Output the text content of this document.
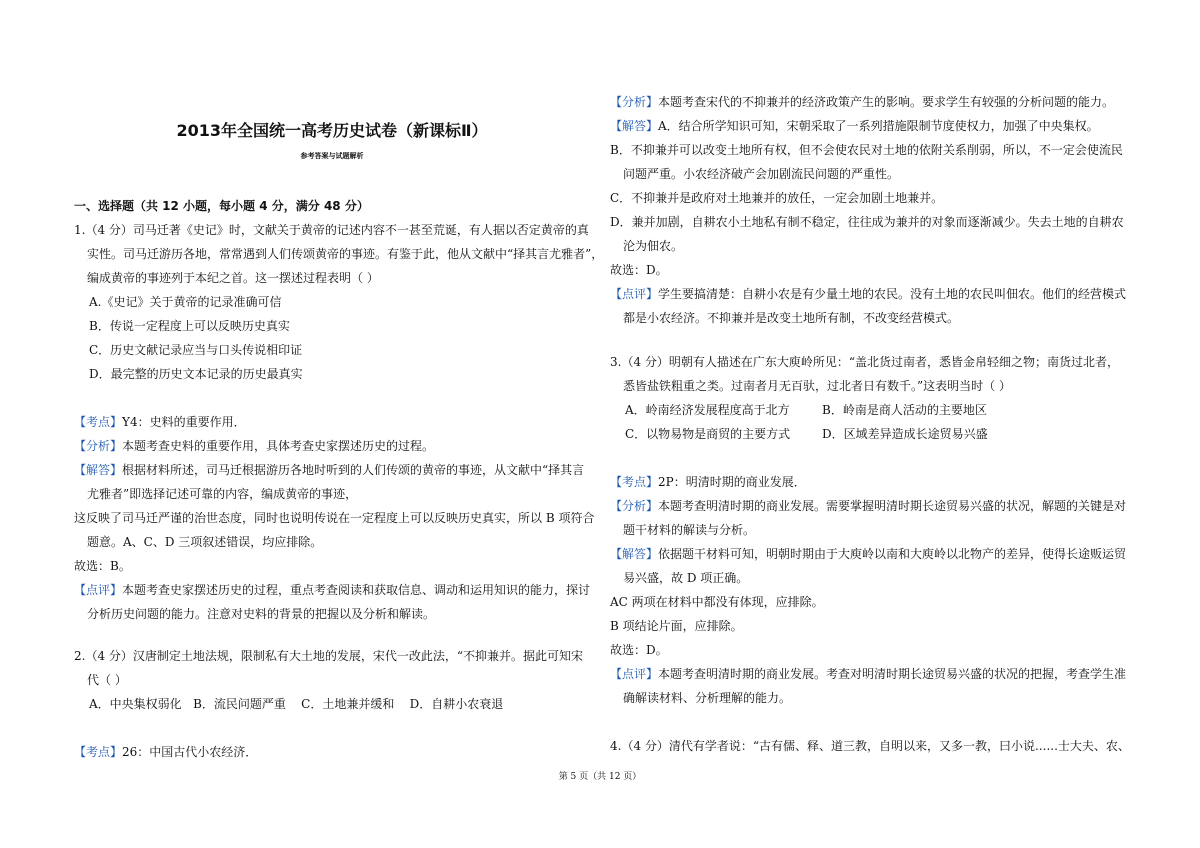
2013年全国统一高考历史试卷（新课标Ⅱ）
参考答案与试题解析
一、选择题（共 12 小题，每小题 4 分，满分 48 分）
1.（4 分）司马迁著《史记》时，文献关于黄帝的记述内容不一甚至荒诞，有人据以否定黄帝的真
实性。司马迁游历各地，常常遇到人们传颂黄帝的事迹。有鉴于此，他从文献中“择其言尤雅者”，
编成黄帝的事迹列于本纪之首。这一摆述过程表明（ ）
A.《史记》关于黄帝的记录准确可信
B．传说一定程度上可以反映历史真实
C．历史文献记录应当与口头传说相印证
D．最完整的历史文本记录的历史最真实
【考点】Y4：史料的重要作用．
【分析】本题考查史料的重要作用，具体考查史家摆述历史的过程。
【解答】根据材料所述，司马迁根据游历各地时听到的人们传颂的黄帝的事迹，从文献中“择其言
尤雅者”即选择记述可靠的内容，编成黄帝的事迹，
这反映了司马迁严谨的治世态度，同时也说明传说在一定程度上可以反映历史真实，所以 B 项符合
题意。A、C、D 三项叙述错误，均应排除。
故选：B。
【点评】本题考查史家摆述历史的过程，重点考查阅读和获取信息、调动和运用知识的能力，探讨
分析历史问题的能力。注意对史料的背景的把握以及分析和解读。
2.（4 分）汉唐制定土地法规，限制私有大土地的发展，宋代一改此法，“不抑兼并。据此可知宋
代（ ）
A．中央集权弱化   B．流民问题严重    C．土地兼并缓和    D．自耕小农衰退
【考点】26：中国古代小农经济．
【分析】本题考查宋代的不抑兼并的经济政策产生的影响。要求学生有较强的分析问题的能力。
【解答】A．结合所学知识可知，宋朝采取了一系列措施限制节度使权力，加强了中央集权。
B．不抑兼并可以改变土地所有权，但不会使农民对土地的依附关系削弱，所以，不一定会使流民
问题严重。小农经济破产会加剧流民问题的严重性。
C．不抑兼并是政府对土地兼并的放任，一定会加剧土地兼并。
D．兼并加剧，自耕农小土地私有制不稳定，往往成为兼并的对象而逐渐减少。失去土地的自耕农
沦为佃农。
故选：D。
【点评】学生要搞清楚：自耕小农是有少量土地的农民。没有土地的农民叫佃农。他们的经营模式
都是小农经济。不抑兼并是改变土地所有制，不改变经营模式。
3.（4 分）明朝有人描述在广东大庾岭所见：“盖北货过南者，悉皆金帛轻细之物；南货过北者，
悉皆盐铁粗重之类。过南者月无百驮，过北者日有数千。”这表明当时（ ）
A．岭南经济发展程度高于北方	B．岭南是商人活动的主要地区
C．以物易物是商贸的主要方式	D．区域差异造成长途贸易兴盛
【考点】2P：明清时期的商业发展．
【分析】本题考查明清时期的商业发展。需要掌握明清时期长途贸易兴盛的状况，解题的关键是对
题干材料的解读与分析。
【解答】依据题干材料可知，明朝时期由于大庾岭以南和大庾岭以北物产的差异，使得长途贩运贸
易兴盛，故 D 项正确。
AC 两项在材料中都没有体现，应排除。
B 项结论片面，应排除。
故选：D。
【点评】本题考查明清时期的商业发展。考查对明清时期长途贸易兴盛的状况的把握，考查学生准
确解读材料、分析理解的能力。
4.（4 分）清代有学者说：“古有儒、释、道三教，自明以来，又多一教，曰小说......士大夫、农、
第 5 页（共 12 页）
